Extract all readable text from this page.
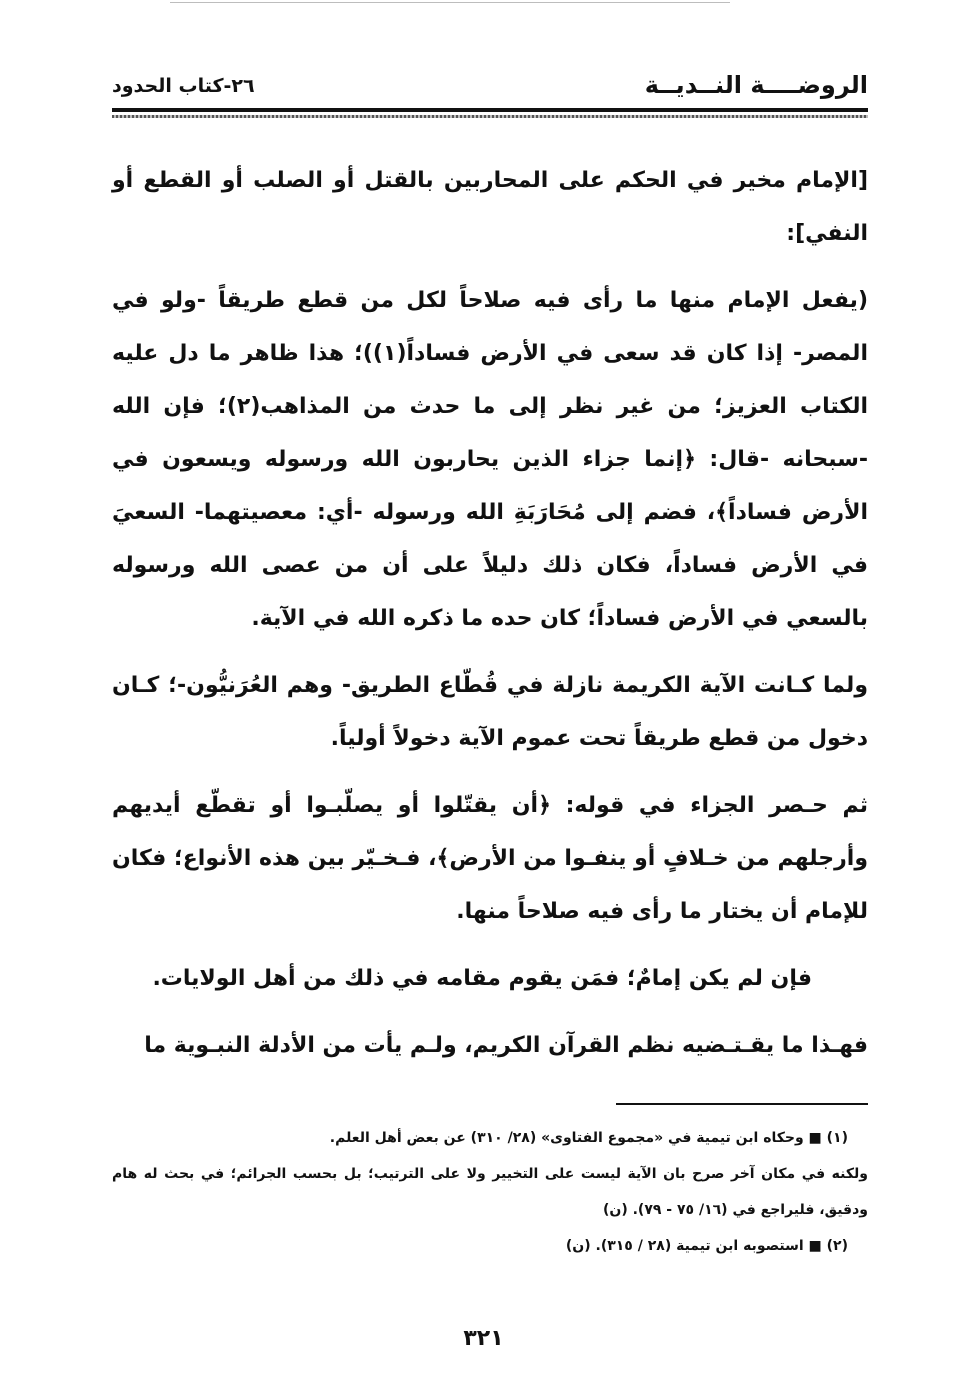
الروضــــة النــديــة
٢٦-كتاب الحدود

[الإمام مخير في الحكم على المحاربين بالقتل أو الصلب أو القطع أو النفي]:

(يفعل الإمام منها ما رأى فيه صلاحاً لكل من قطع طريقاً -ولو في المصر- إذا كان قد سعى في الأرض فساداً(١))؛ هذا ظاهر ما دل عليه الكتاب العزيز؛ من غير نظر إلى ما حدث من المذاهب(٢)؛ فإن الله -سبحانه -قال: ﴿إنما جزاء الذين يحاربون الله ورسوله ويسعون في الأرض فساداً﴾، فضم إلى مُحَارَبَةِ الله ورسوله -أي: معصيتهما- السعيَ في الأرض فساداً، فكان ذلك دليلاً على أن من عصى الله ورسوله بالسعي في الأرض فساداً؛ كان حده ما ذكره الله في الآية.

ولما كـانت الآية الكريمة نازلة في قُطّاع الطريق- وهم العُرَنيُّون-؛ كـان دخول من قطع طريقاً تحت عموم الآية دخولاً أولياً.

ثم حـصر الجزاء في قوله: ﴿أن يقتّلوا أو يصلّبـوا أو تقطّع أيديهم وأرجلهم من خـلافٍ أو ينفـوا من الأرض﴾، فـخـيّر بين هذه الأنواع؛ فكان للإمام أن يختار ما رأى فيه صلاحاً منها.

فإن لم يكن إمامٌ؛ فمَن يقوم مقامه في ذلك من أهل الولايات.

فهـذا ما يقـتـضيه نظم القرآن الكريم، ولـم يأت من الأدلة النبـوية ما

(١) ■ وحكاه ابن تيمية في «مجموع الفتاوى» (٢٨/ ٣١٠) عن بعض أهل العلم.

ولكنه في مكان آخر صرح بان الآية ليست على التخيير ولا على الترتيب؛ بل بحسب الجرائم؛ في بحث له هام ودقيق، فليراجع في (١٦/ ٧٥ - ٧٩). (ن)

(٢) ■ استصوبه ابن تيمية (٢٨ / ٣١٥). (ن)

٣٢١
